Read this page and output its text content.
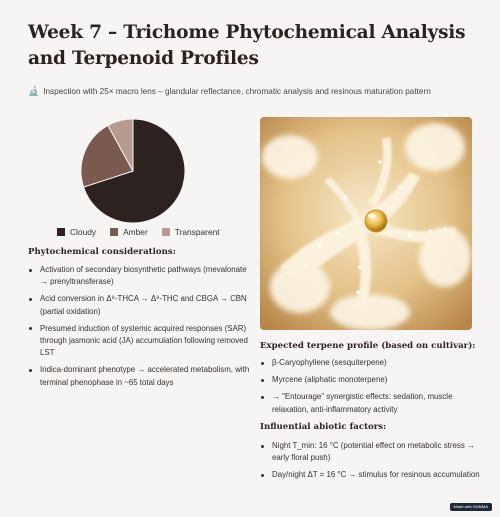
Week 7 – Trichome Phytochemical Analysis and Terpenoid Profiles
🔬 Inspection with 25× macro lens – glandular reflectance, chromatic analysis and resinous maturation pattern
Cloudy	Amber	Transparent
Phytochemical considerations:
Activation of secondary biosynthetic pathways (mevalonate → prenyltransferase)
Acid conversion in Δ⁹-THCA → Δ⁹-THC and CBGA → CBN (partial oxidation)
Presumed induction of systemic acquired responses (SAR) through jasmonic acid (JA) accumulation following removed LST
Indica-dominant phenotype → accelerated metabolism, with terminal phenophase in ~65 total days
Expected terpene profile (based on cultivar):
β-Caryophyllene (sesquiterpene)
Myrcene (aliphatic monoterpene)
→ "Entourage" synergistic effects: sedation, muscle relaxation, anti-inflammatory activity
Influential abiotic factors:
Night T_min: 16 °C (potential effect on metabolic stress → early floral push)
Day/night ΔT = 16 °C → stimulus for resinous accumulation
Made with GAMMA
